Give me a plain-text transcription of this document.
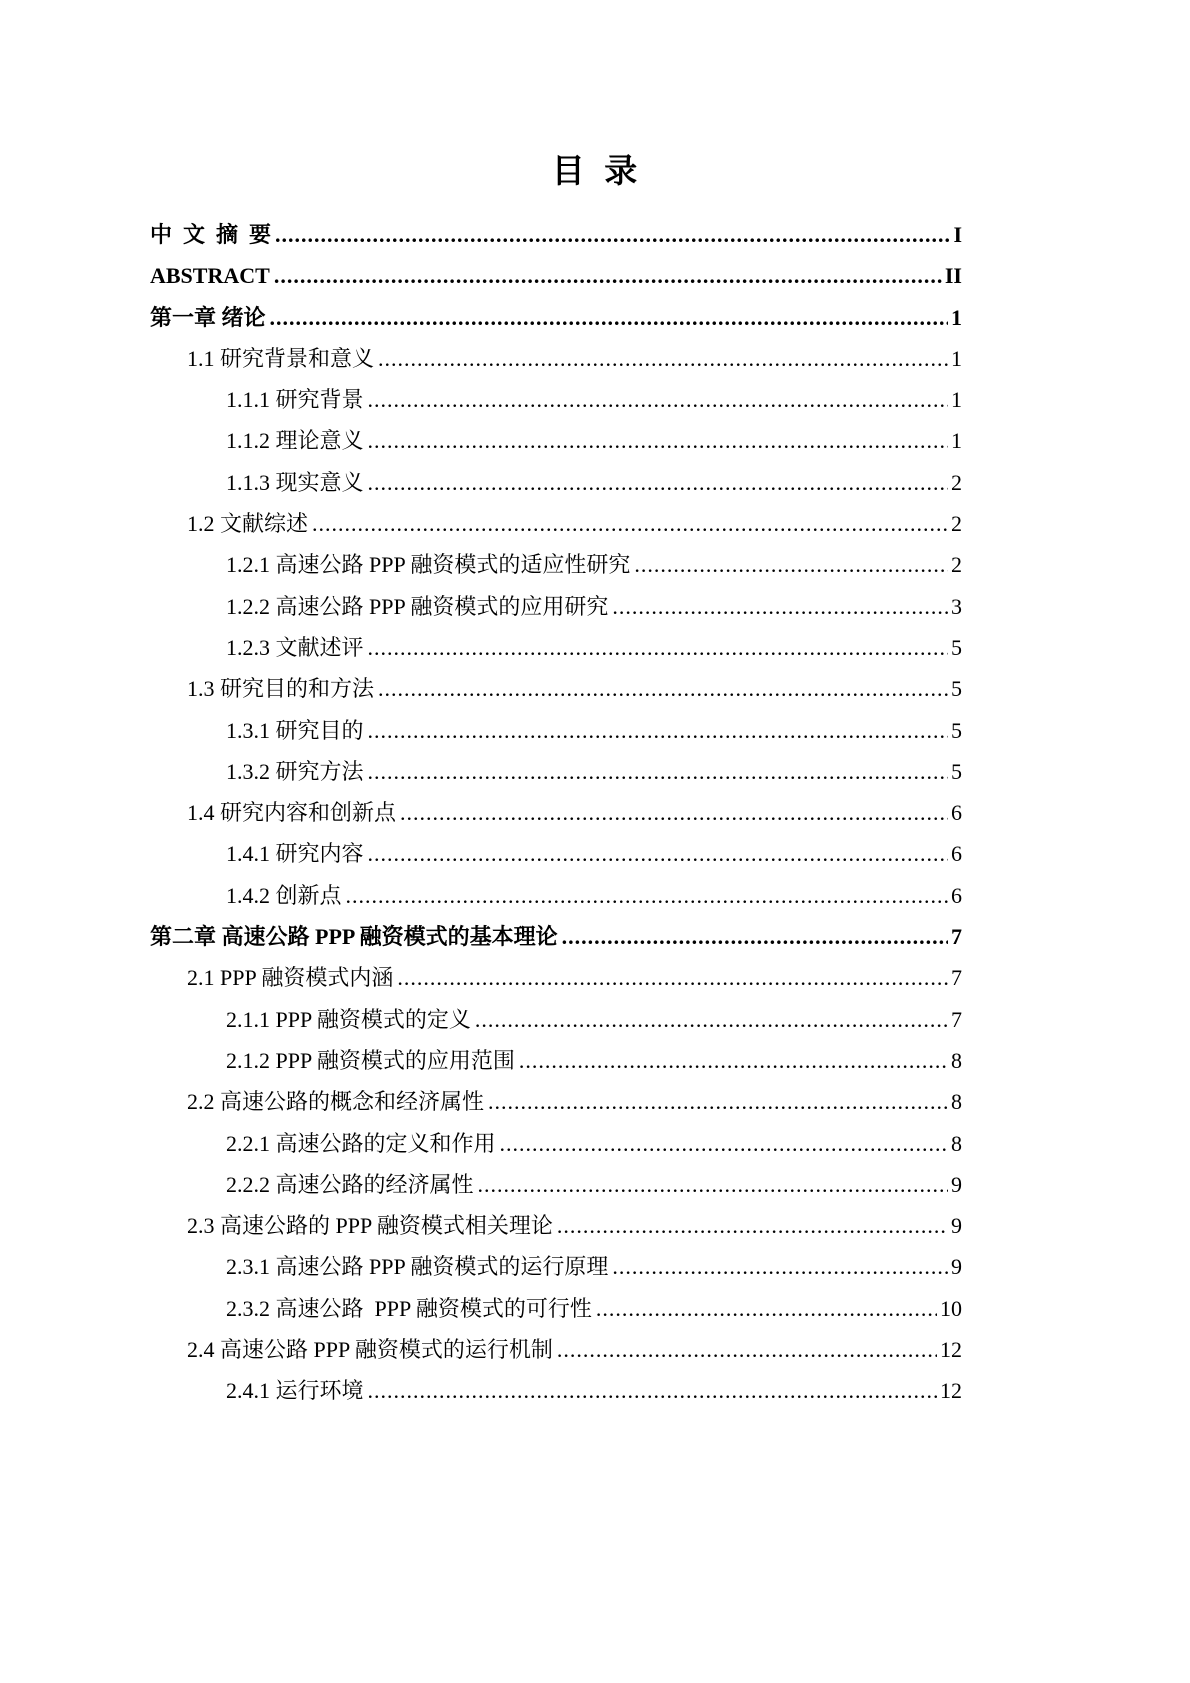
目  录
中  文  摘  要 .....	I
ABSTRACT .....	II
第一章 绪论 .....	1
1.1 研究背景和意义 .....	1
1.1.1 研究背景 .....	1
1.1.2 理论意义 .....	1
1.1.3 现实意义 .....	2
1.2 文献综述 .....	2
1.2.1 高速公路 PPP 融资模式的适应性研究 .....	2
1.2.2 高速公路 PPP 融资模式的应用研究 .....	3
1.2.3 文献述评 .....	5
1.3 研究目的和方法 .....	5
1.3.1 研究目的 .....	5
1.3.2 研究方法 .....	5
1.4 研究内容和创新点 .....	6
1.4.1 研究内容 .....	6
1.4.2 创新点 .....	6
第二章 高速公路 PPP 融资模式的基本理论 .....	7
2.1 PPP 融资模式内涵 .....	7
2.1.1 PPP 融资模式的定义 .....	7
2.1.2 PPP 融资模式的应用范围 .....	8
2.2 高速公路的概念和经济属性 .....	8
2.2.1 高速公路的定义和作用 .....	8
2.2.2 高速公路的经济属性 .....	9
2.3 高速公路的 PPP 融资模式相关理论 .....	9
2.3.1 高速公路 PPP 融资模式的运行原理 .....	9
2.3.2 高速公路  PPP 融资模式的可行性 .....	10
2.4 高速公路 PPP 融资模式的运行机制 .....	12
2.4.1 运行环境 .....	12
